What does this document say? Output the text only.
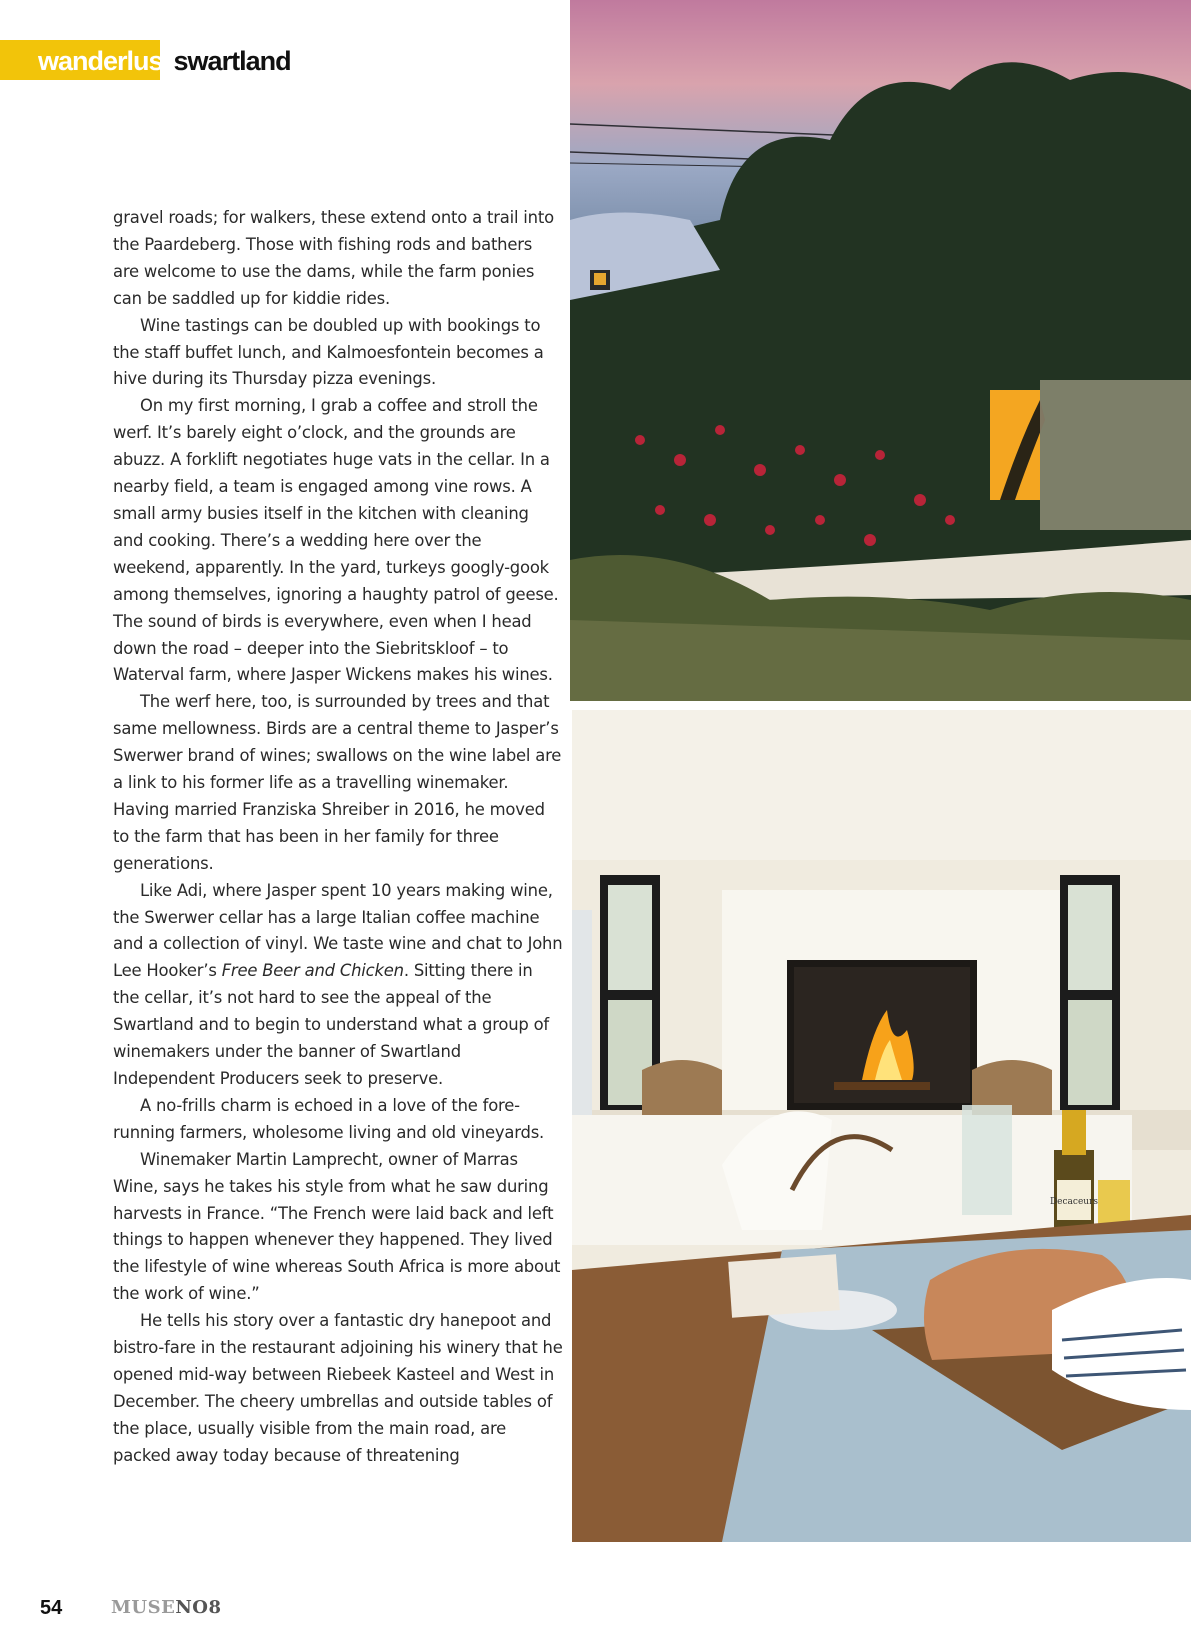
wanderlust swartland

gravel roads; for walkers, these extend onto a trail into the Paardeberg. Those with fishing rods and bathers are welcome to use the dams, while the farm ponies can be saddled up for kiddie rides.

Wine tastings can be doubled up with bookings to the staff buffet lunch, and Kalmoesfontein becomes a hive during its Thursday pizza evenings.

On my first morning, I grab a coffee and stroll the werf. It’s barely eight o’clock, and the grounds are abuzz. A forklift negotiates huge vats in the cellar. In a nearby field, a team is engaged among vine rows. A small army busies itself in the kitchen with cleaning and cooking. There’s a wedding here over the weekend, apparently. In the yard, turkeys googly-gook among themselves, ignoring a haughty patrol of geese. The sound of birds is everywhere, even when I head down the road – deeper into the Siebritskloof – to Waterval farm, where Jasper Wickens makes his wines.

The werf here, too, is surrounded by trees and that same mellowness. Birds are a central theme to Jasper’s Swerwer brand of wines; swallows on the wine label are a link to his former life as a travelling winemaker. Having married Franziska Shreiber in 2016, he moved to the farm that has been in her family for three generations.

Like Adi, where Jasper spent 10 years making wine, the Swerwer cellar has a large Italian coffee machine and a collection of vinyl. We taste wine and chat to John Lee Hooker’s Free Beer and Chicken. Sitting there in the cellar, it’s not hard to see the appeal of the Swartland and to begin to understand what a group of winemakers under the banner of Swartland Independent Producers seek to preserve.

A no-frills charm is echoed in a love of the fore-running farmers, wholesome living and old vineyards.

Winemaker Martin Lamprecht, owner of Marras Wine, says he takes his style from what he saw during harvests in France. “The French were laid back and left things to happen whenever they happened. They lived the lifestyle of wine whereas South Africa is more about the work of wine.”

He tells his story over a fantastic dry hanepoot and bistro-fare in the restaurant adjoining his winery that he opened mid-way between Riebeek Kasteel and West in December. The cheery umbrellas and outside tables of the place, usually visible from the main road, are packed away today because of threatening

Decaceurs
54	MUSENO8
